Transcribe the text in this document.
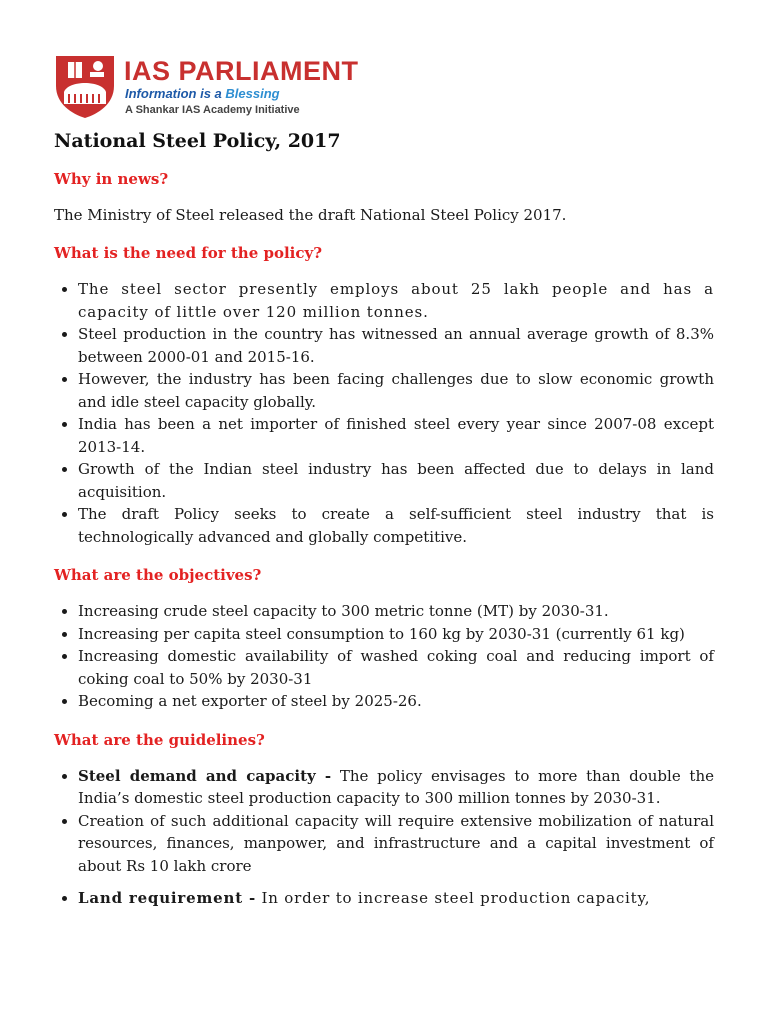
IAS PARLIAMENT
Information is a Blessing
A Shankar IAS Academy Initiative
National Steel Policy, 2017
Why in news?

The Ministry of Steel released the draft National Steel Policy 2017.

What is the need for the policy?
• The steel sector presently employs about 25 lakh people and has a capacity of little over 120 million tonnes.
• Steel production in the country has witnessed an annual average growth of 8.3% between 2000-01 and 2015-16.
• However, the industry has been facing challenges due to slow economic growth and idle steel capacity globally.
• India has been a net importer of finished steel every year since 2007-08 except 2013-14.
• Growth of the Indian steel industry has been affected due to delays in land acquisition.
• The draft Policy seeks to create a self-sufficient steel industry that is technologically advanced and globally competitive.
What are the objectives?
• Increasing crude steel capacity to 300 metric tonne (MT) by 2030-31.
• Increasing per capita steel consumption to 160 kg by 2030-31 (currently 61 kg)
• Increasing domestic availability of washed coking coal and reducing import of coking coal to 50% by 2030-31
• Becoming a net exporter of steel by 2025-26.
What are the guidelines?
• Steel demand and capacity - The policy envisages to more than double the India’s domestic steel production capacity to 300 million tonnes by 2030-31.
• Creation of such additional capacity will require extensive mobilization of natural resources, finances, manpower, and infrastructure and a capital investment of about Rs 10 lakh crore
• Land requirement - In order to increase steel production capacity,
